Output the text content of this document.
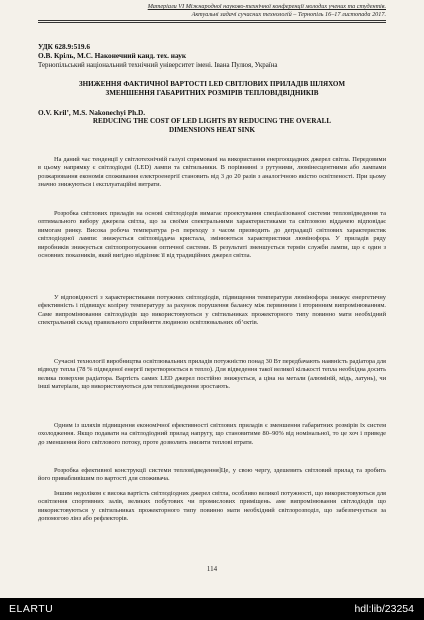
Матеріали VI Міжнародної науково-технічної конференції молодих учених та студентів.
Актуальні задачі сучасних технологій – Тернопіль 16–17 листопада 2017.
УДК 628.9:519.6
О.В. Кріль, М.С. Наконечний канд. тех. наук
Тернопільський національний технічний університет імені. Івана Пулюя, Україна
ЗНИЖЕННЯ ФАКТИЧНОЇ ВАРТОСТІ LED СВІТЛОВИХ ПРИЛАДІВ ШЛЯХОМ
ЗМЕНШЕННЯ ГАБАРИТНИХ РОЗМІРІВ ТЕПЛОВІДВІДНИКІВ
O.V. Kril’, M.S. Nakonechyi Ph.D.
REDUCING THE COST OF LED LIGHTS BY REDUCING THE OVERALL
DIMENSIONS HEAT SINK

На даний час тенденції у світлотехнічній галузі спрямовані на використання енергоощадних джерел світла. Передовими в цьому напрямку є світлодіодні (LED) лампи та світильники. В порівнянні з рутуними, люмінесцентними або лампами розжарювання економія споживання електроенергії становить від 3 до 20 разів з аналогічною якістю освітленості. При цьому значно знижуються і експлуатаційні витрати.

Розробка світлових приладів на основі світлодіодів вимагає проектування спеціалізованої системи тепловідведення та оптимального вибору джерела світла, що за своїми спектральними характеристиками та світловою віддачею відповідає вимогам ринку. Висока робоча температура p-n переходу з часом призводить до деградації світлових характеристик світлодіодної лампи: знижується світловіддача кристала, змінюються характеристики люмінофора. У приладів ряду виробників знижується світлопропускання оптичної системи. В результаті зменшується термін служби лампи, що є один з основних показників, який вигідно відрізняє її від традиційних джерел світла.

У відповідності з характеристиками потужних світлодіодів, підвищення температури люмінофора знижує енергетичну ефективність і підвищує колірну температуру за рахунок порушення балансу між первинним і вторинним випромінюванням. Саме випромінювання світлодіодів що використовуються у світильниках прожекторного типу повинно мати необхідний спектральний склад правильного сприйняття людиною освітлювальних об’єктів.

Сучасні технології виробництва освітлювальних приладів потужністю понад 30 Вт передбачають наявність радіатора для відводу тепла (78 % підведеної енергії перетворюється в тепло). Для відведення такої великої кількості тепла необхідна досить велика поверхня радіатора. Вартість самих LED джерел постійно знижується, а ціна на метали (алюміній, мідь, латунь), чи інші матеріали, що використовуються для тепловідведення зростають.

Одним із шляхів підвищення економічної ефективності світлових приладів є зменшення габаритних розмірів їх систем охолодження. Якщо подавати на світлодіодний прилад напругу, що становитиме 80–90% від номінальної, то це хоч і приведе до зменшення його світлового потоку, проте дозволить знизити теплові втрати.

Розробка ефективної конструкції системи тепловідведення]Це, у свою чергу, здешевить світловий прилад та зробить його привабливішим по вартості для споживача.

Іншим недоліком є висока вартість світлодіодних джерел світла, особливо великої потужності, що використовуються для освітлення спортивних залів, великих побутових чи промислових приміщень. аме випромінювання світлодіодів що використовуються у світильниках прожекторного типу повинно мати необхідний світлорозподіл, що забезпечується за допомогою лінз або рефлекторів.

114
ELARTU	hdl:lib/23254
